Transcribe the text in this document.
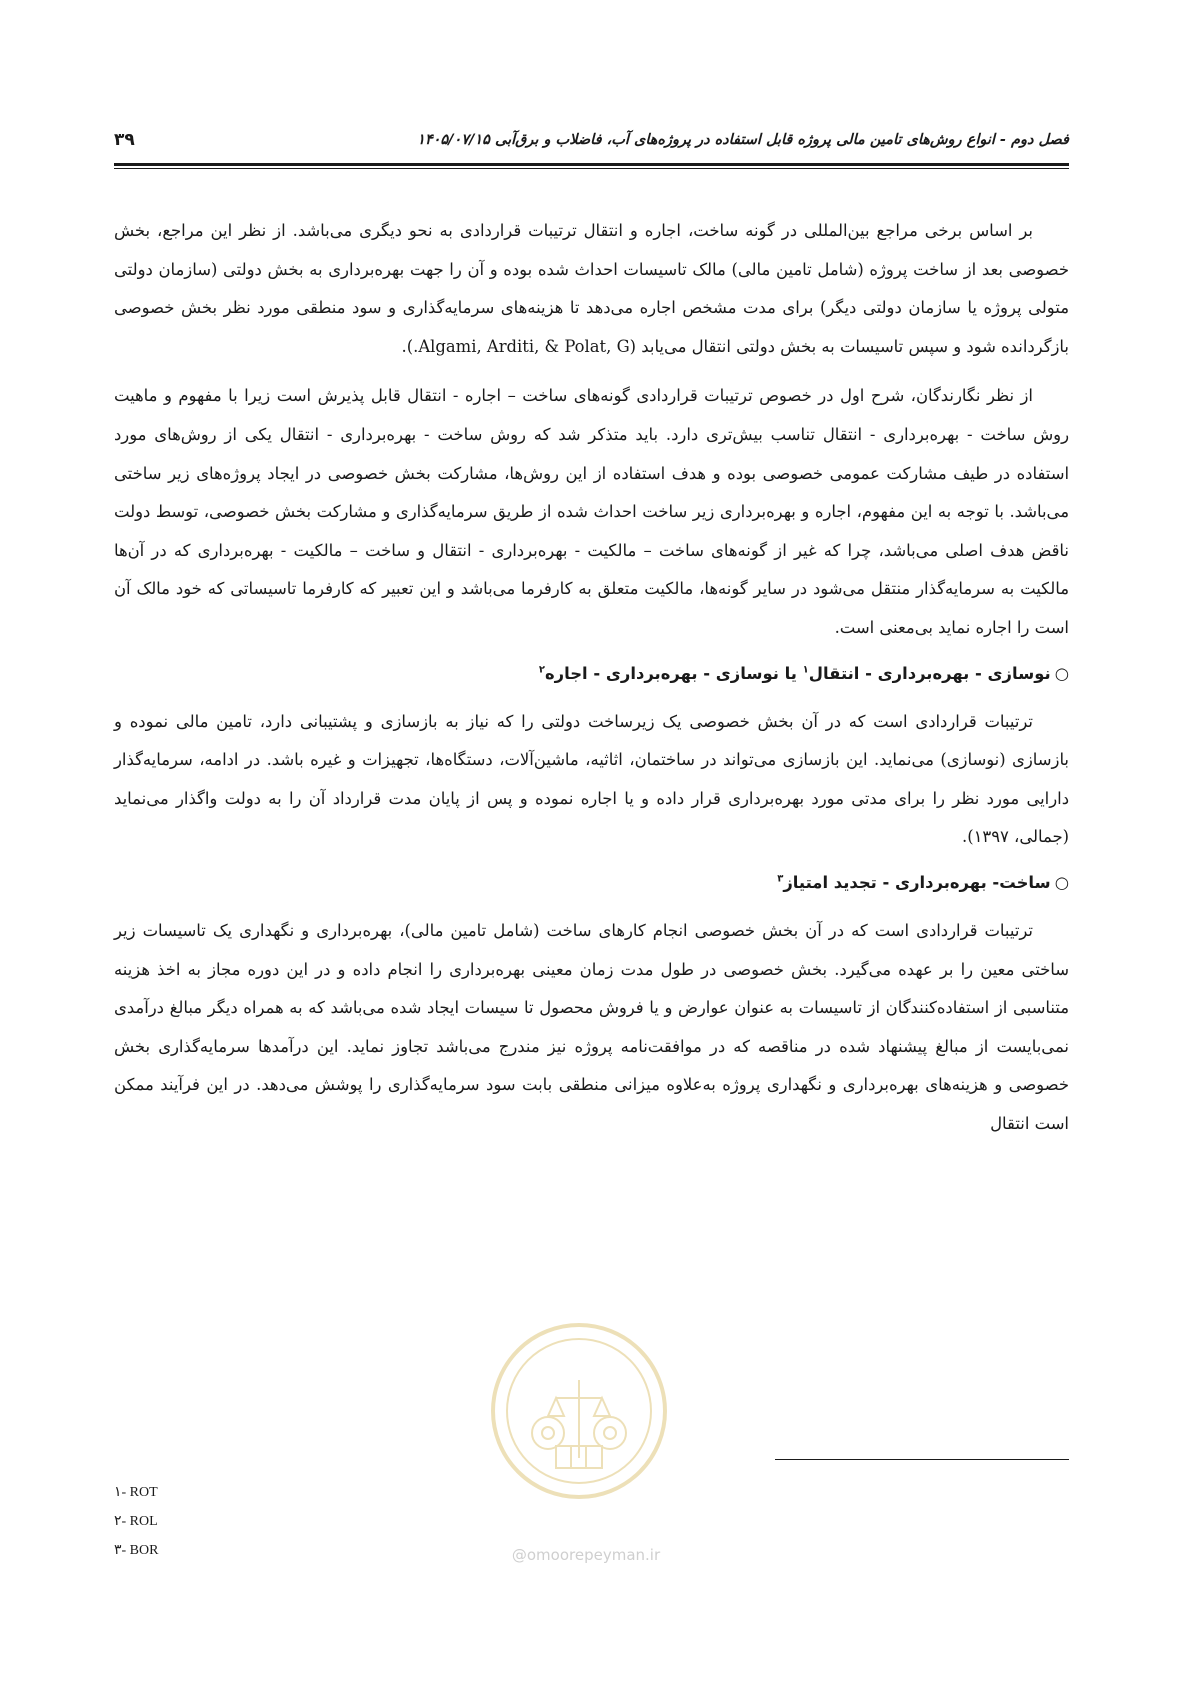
فصل دوم - انواع روش‌های تامین مالی پروژه قابل استفاده در پروژه‌های آب، فاضلاب و برق‌آبی ۱۴۰۵/۰۷/۱۵
۳۹

بر اساس برخی مراجع بین‌المللی در گونه ساخت، اجاره و انتقال ترتیبات قراردادی به نحو دیگری می‌باشد. از نظر این مراجع، بخش خصوصی بعد از ساخت پروژه (شامل تامین مالی) مالک تاسیسات احداث شده بوده و آن را جهت بهره‌برداری به بخش دولتی (سازمان دولتی متولی پروژه یا سازمان دولتی دیگر) برای مدت مشخص اجاره می‌دهد تا هزینه‌های سرمایه‌گذاری و سود منطقی مورد نظر بخش خصوصی بازگردانده شود و سپس تاسیسات به بخش دولتی انتقال می‌یابد (Algami, Arditi, & Polat, G.).

از نظر نگارندگان، شرح اول در خصوص ترتیبات قراردادی گونه‌های ساخت – اجاره - انتقال قابل پذیرش است زیرا با مفهوم و ماهیت روش ساخت - بهره‌برداری - انتقال تناسب بیش‌تری دارد. باید متذکر شد که روش ساخت - بهره‌برداری - انتقال یکی از روش‌های مورد استفاده در طیف مشارکت عمومی خصوصی بوده و هدف استفاده از این روش‌ها، مشارکت بخش خصوصی در ایجاد پروژه‌های زیر ساختی می‌باشد. با توجه به این مفهوم، اجاره و بهره‌برداری زیر ساخت احداث شده از طریق سرمایه‌گذاری و مشارکت بخش خصوصی، توسط دولت ناقض هدف اصلی می‌باشد، چرا که غیر از گونه‌های ساخت – مالکیت - بهره‌برداری - انتقال و ساخت – مالکیت - بهره‌برداری که در آن‌ها مالکیت به سرمایه‌گذار منتقل می‌شود در سایر گونه‌ها، مالکیت متعلق به کارفرما می‌باشد و این تعبیر که کارفرما تاسیساتی که خود مالک آن است را اجاره نماید بی‌معنی است.

○نوسازی - بهره‌برداری - انتقال$^۱$ یا نوسازی - بهره‌برداری - اجاره$^۲$

ترتیبات قراردادی است که در آن بخش خصوصی یک زیرساخت دولتی را که نیاز به بازسازی و پشتیبانی دارد، تامین مالی نموده و بازسازی (نوسازی) می‌نماید. این بازسازی می‌تواند در ساختمان، اثاثیه، ماشین‌آلات، دستگاه‌ها، تجهیزات و غیره باشد. در ادامه، سرمایه‌گذار دارایی مورد نظر را برای مدتی مورد بهره‌برداری قرار داده و یا اجاره نموده و پس از پایان مدت قرارداد آن را به دولت واگذار می‌نماید (جمالی، ۱۳۹۷).

○ساخت- بهره‌برداری - تجدید امتیاز$^۳$

ترتیبات قراردادی است که در آن بخش خصوصی انجام کارهای ساخت (شامل تامین مالی)، بهره‌برداری و نگهداری یک تاسیسات زیر ساختی معین را بر عهده می‌گیرد. بخش خصوصی در طول مدت زمان معینی بهره‌برداری را انجام داده و در این دوره مجاز به اخذ هزینه متناسبی از استفاده‌کنندگان از تاسیسات به عنوان عوارض و یا فروش محصول تا سیسات ایجاد شده می‌باشد که به همراه دیگر مبالغ درآمدی نمی‌بایست از مبالغ پیشنهاد شده در مناقصه که در موافقت‌نامه پروژه نیز مندرج می‌باشد تجاوز نماید. این درآمدها سرمایه‌گذاری بخش خصوصی و هزینه‌های بهره‌برداری و نگهداری پروژه به‌علاوه میزانی منطقی بابت سود سرمایه‌گذاری را پوشش می‌دهد. در این فرآیند ممکن است انتقال

۱- ROT
۲- ROL
۳- BOR	@omoorepeyman.ir
